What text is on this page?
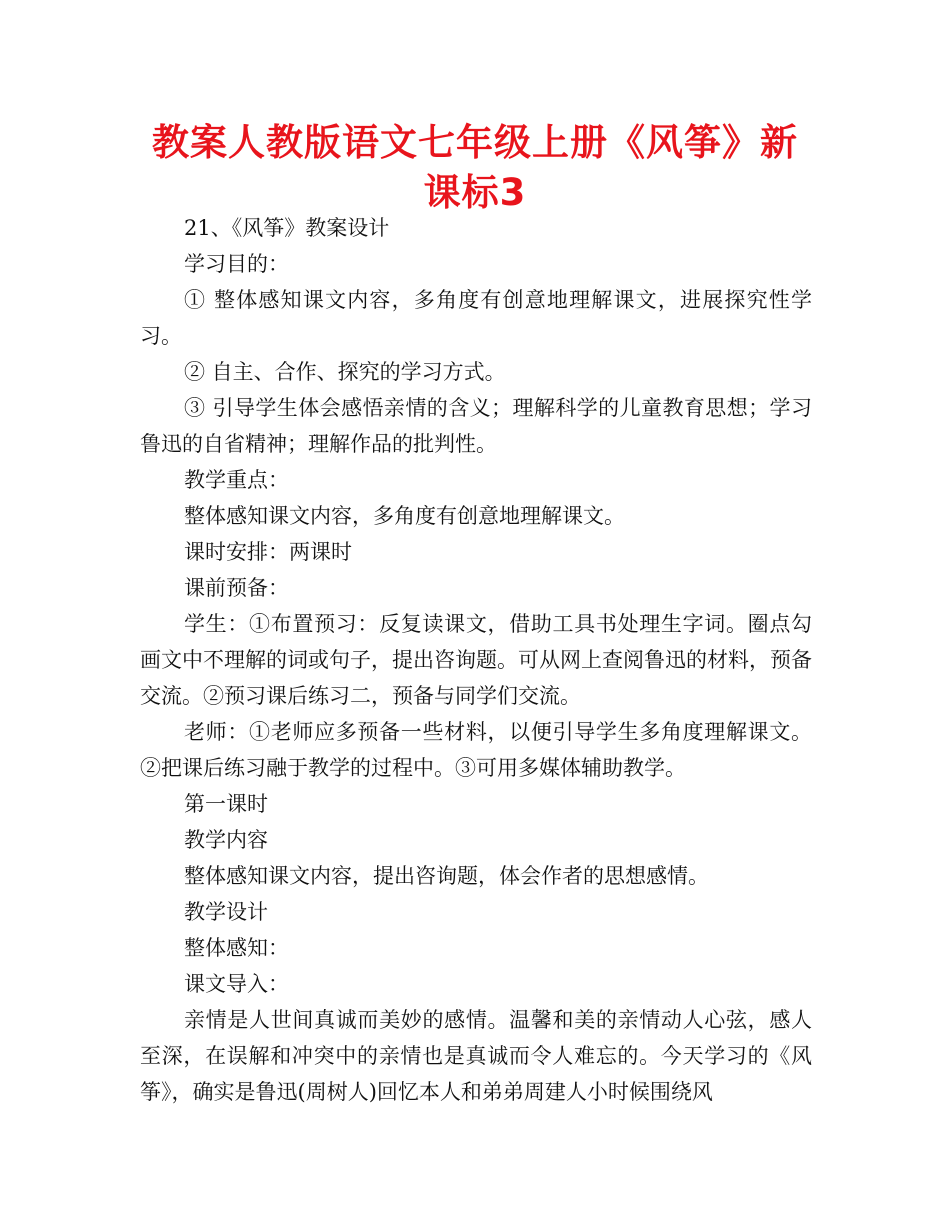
教案人教版语文七年级上册《风筝》新课标3

21、《风筝》教案设计

学习目的：

① 整体感知课文内容，多角度有创意地理解课文，进展探究性学习。

② 自主、合作、探究的学习方式。

③ 引导学生体会感悟亲情的含义；理解科学的儿童教育思想；学习鲁迅的自省精神；理解作品的批判性。

教学重点：

整体感知课文内容，多角度有创意地理解课文。

课时安排：两课时

课前预备：

学生：①布置预习：反复读课文，借助工具书处理生字词。圈点勾画文中不理解的词或句子，提出咨询题。可从网上查阅鲁迅的材料，预备交流。②预习课后练习二，预备与同学们交流。

老师：①老师应多预备一些材料，以便引导学生多角度理解课文。②把课后练习融于教学的过程中。③可用多媒体辅助教学。

第一课时

教学内容

整体感知课文内容，提出咨询题，体会作者的思想感情。

教学设计

整体感知：

课文导入：

亲情是人世间真诚而美妙的感情。温馨和美的亲情动人心弦，感人至深，在误解和冲突中的亲情也是真诚而令人难忘的。今天学习的《风筝》，确实是鲁迅(周树人)回忆本人和弟弟周建人小时候围绕风
